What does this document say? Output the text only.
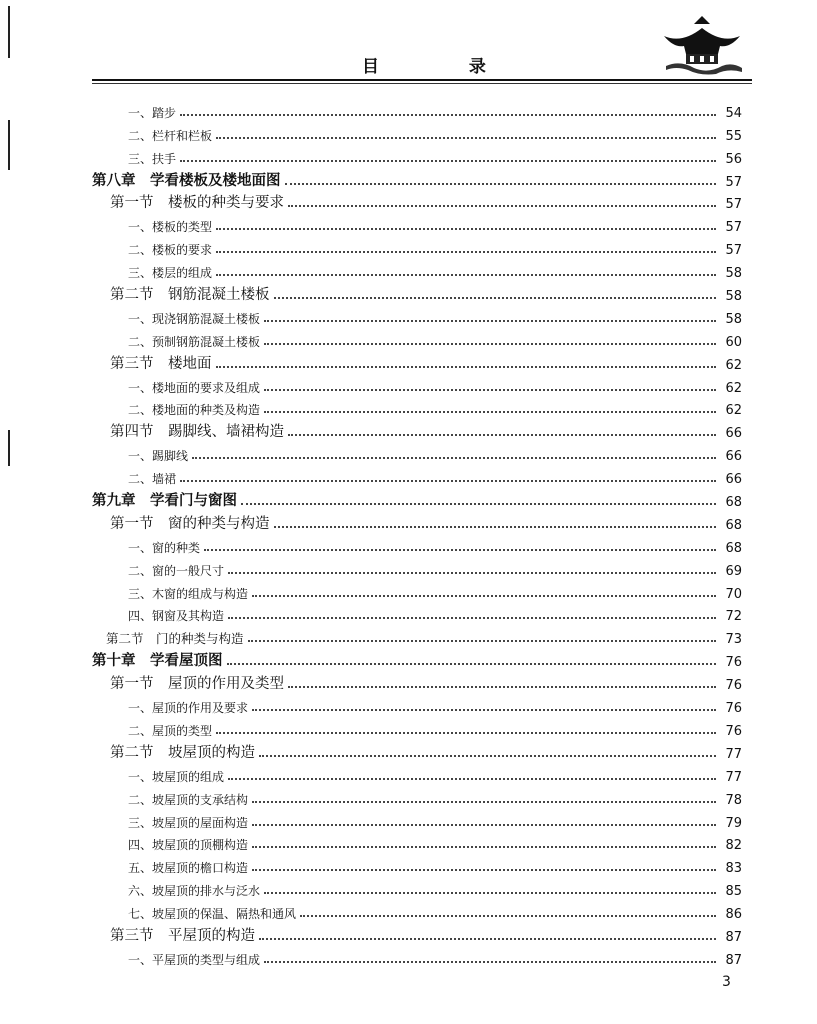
目 录
一、踏步	54
二、栏杆和栏板	55
三、扶手	56
第八章　学看楼板及楼地面图	57
第一节　楼板的种类与要求	57
一、楼板的类型	57
二、楼板的要求	57
三、楼层的组成	58
第二节　钢筋混凝土楼板	58
一、现浇钢筋混凝土楼板	58
二、预制钢筋混凝土楼板	60
第三节　楼地面	62
一、楼地面的要求及组成	62
二、楼地面的种类及构造	62
第四节　踢脚线、墙裙构造	66
一、踢脚线	66
二、墙裙	66
第九章　学看门与窗图	68
第一节　窗的种类与构造	68
一、窗的种类	68
二、窗的一般尺寸	69
三、木窗的组成与构造	70
四、钢窗及其构造	72
第二节　门的种类与构造	73
第十章　学看屋顶图	76
第一节　屋顶的作用及类型	76
一、屋顶的作用及要求	76
二、屋顶的类型	76
第二节　坡屋顶的构造	77
一、坡屋顶的组成	77
二、坡屋顶的支承结构	78
三、坡屋顶的屋面构造	79
四、坡屋顶的顶棚构造	82
五、坡屋顶的檐口构造	83
六、坡屋顶的排水与泛水	85
七、坡屋顶的保温、隔热和通风	86
第三节　平屋顶的构造	87
一、平屋顶的类型与组成	87
3
